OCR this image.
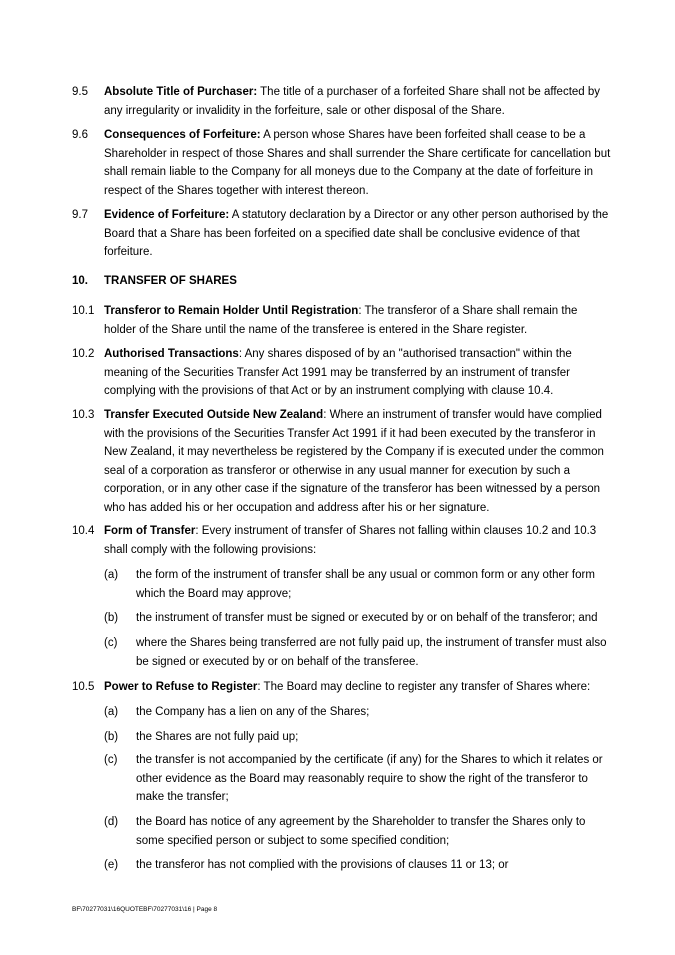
9.5 Absolute Title of Purchaser: The title of a purchaser of a forfeited Share shall not be affected by any irregularity or invalidity in the forfeiture, sale or other disposal of the Share.
9.6 Consequences of Forfeiture: A person whose Shares have been forfeited shall cease to be a Shareholder in respect of those Shares and shall surrender the Share certificate for cancellation but shall remain liable to the Company for all moneys due to the Company at the date of forfeiture in respect of the Shares together with interest thereon.
9.7 Evidence of Forfeiture: A statutory declaration by a Director or any other person authorised by the Board that a Share has been forfeited on a specified date shall be conclusive evidence of that forfeiture.
10. TRANSFER OF SHARES
10.1 Transferor to Remain Holder Until Registration: The transferor of a Share shall remain the holder of the Share until the name of the transferee is entered in the Share register.
10.2 Authorised Transactions: Any shares disposed of by an "authorised transaction" within the meaning of the Securities Transfer Act 1991 may be transferred by an instrument of transfer complying with the provisions of that Act or by an instrument complying with clause 10.4.
10.3 Transfer Executed Outside New Zealand: Where an instrument of transfer would have complied with the provisions of the Securities Transfer Act 1991 if it had been executed by the transferor in New Zealand, it may nevertheless be registered by the Company if is executed under the common seal of a corporation as transferor or otherwise in any usual manner for execution by such a corporation, or in any other case if the signature of the transferor has been witnessed by a person who has added his or her occupation and address after his or her signature.
10.4 Form of Transfer: Every instrument of transfer of Shares not falling within clauses 10.2 and 10.3 shall comply with the following provisions:
(a) the form of the instrument of transfer shall be any usual or common form or any other form which the Board may approve;
(b) the instrument of transfer must be signed or executed by or on behalf of the transferor; and
(c) where the Shares being transferred are not fully paid up, the instrument of transfer must also be signed or executed by or on behalf of the transferee.
10.5 Power to Refuse to Register: The Board may decline to register any transfer of Shares where:
(a) the Company has a lien on any of the Shares;
(b) the Shares are not fully paid up;
(c) the transfer is not accompanied by the certificate (if any) for the Shares to which it relates or other evidence as the Board may reasonably require to show the right of the transferor to make the transfer;
(d) the Board has notice of any agreement by the Shareholder to transfer the Shares only to some specified person or subject to some specified condition;
(e) the transferor has not complied with the provisions of clauses 11 or 13; or
BF\70277031\16QUOTEBF\70277031\16 | Page 8
